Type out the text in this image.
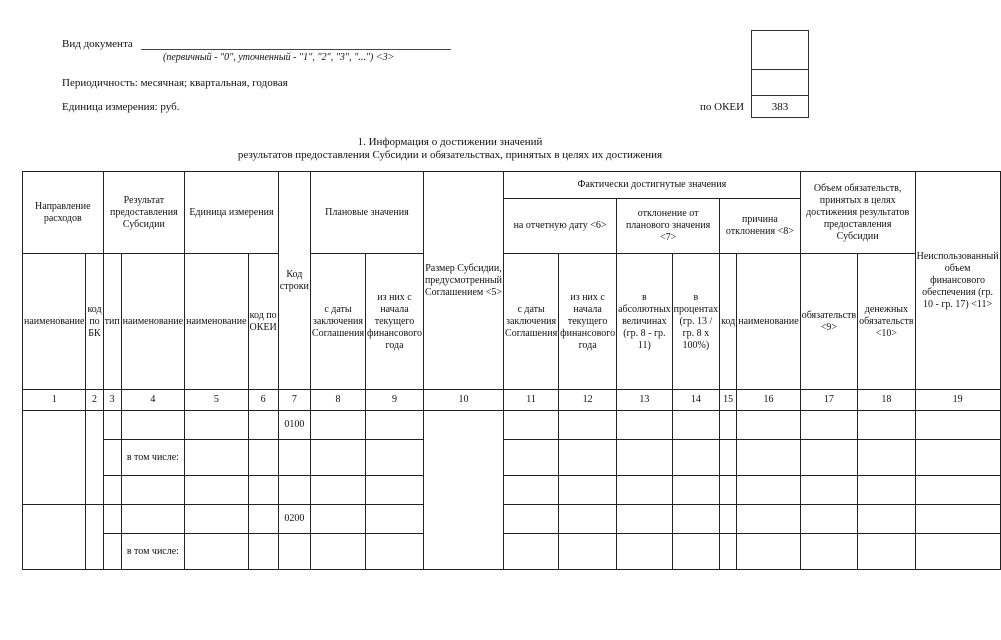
Вид документа
(первичный - "0", уточненный - "1", "2", "3", "...") <3>
Периодичность: месячная; квартальная, годовая
Единица измерения: руб.	по ОКЕИ	383
1. Информация о достижении значений
результатов предоставления Субсидии и обязательствах, принятых в целях их достижения
Направление расходов		Результат предоставления Субсидии		Единица измерения		Код строки	Плановые значения		Размер Субсидии, предусмотренный Соглашением <5>	Фактически достигнутые значения						Объем обязательств, принятых в целях достижения результатов предоставления Субсидии		Неиспользованный объем финансового обеспечения (гр. 10 - гр. 17) <11>
										на отчетную дату <6>		отклонение от планового значения <7>		причина отклонения <8>				

наименование	код по БК	тип	наименование	наименование	код по ОКЕИ		с даты заключения Соглашения	из них с начала текущего финансового года		с даты заключения Соглашения	из них с начала текущего финансового года	в абсолютных величинах (гр. 8 - гр. 11)	в процентах (гр. 13 / гр. 8 х 100%)	код	наименование	обязательств <9>	денежных обязательств <10>	
1	2	3	4	5	6	7	8	9	10	11	12	13	14	15	16	17	18	19
						0100												
			в том числе:															

						0200												
			в том числе:															
